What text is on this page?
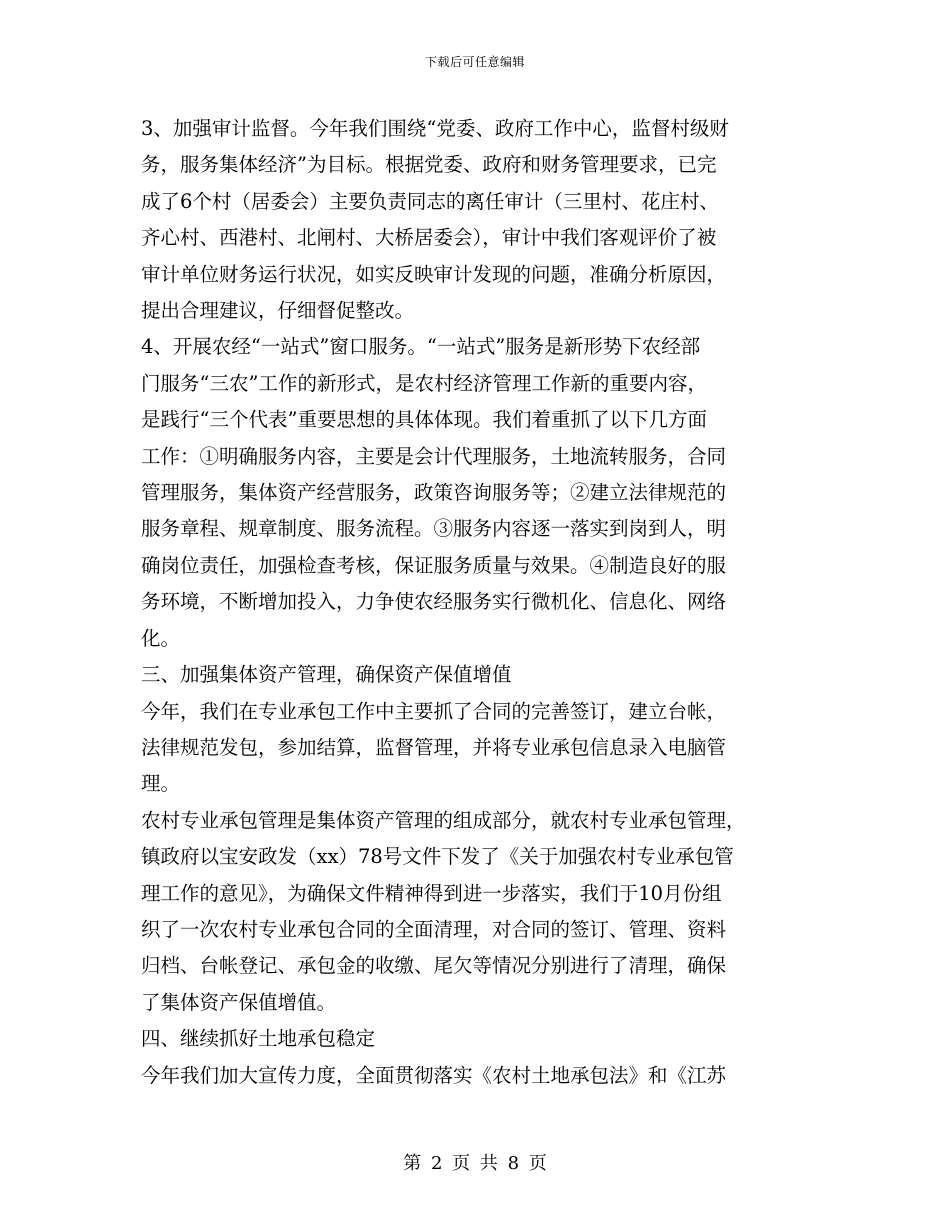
下载后可任意编辑

3、加强审计监督。今年我们围绕“党委、政府工作中心，监督村级财
务，服务集体经济”为目标。根据党委、政府和财务管理要求，已完
成了6个村（居委会）主要负责同志的离任审计（三里村、花庄村、
齐心村、西港村、北闸村、大桥居委会），审计中我们客观评价了被
审计单位财务运行状况，如实反映审计发现的问题，准确分析原因，
提出合理建议，仔细督促整改。

4、开展农经“一站式”窗口服务。“一站式”服务是新形势下农经部
门服务“三农”工作的新形式，是农村经济管理工作新的重要内容，
是践行“三个代表”重要思想的具体体现。我们着重抓了以下几方面
工作：①明确服务内容，主要是会计代理服务，土地流转服务，合同
管理服务，集体资产经营服务，政策咨询服务等；②建立法律规范的
服务章程、规章制度、服务流程。③服务内容逐一落实到岗到人，明
确岗位责任，加强检查考核，保证服务质量与效果。④制造良好的服
务环境，不断增加投入，力争使农经服务实行微机化、信息化、网络
化。

三、加强集体资产管理，确保资产保值增值

今年，我们在专业承包工作中主要抓了合同的完善签订，建立台帐，
法律规范发包，参加结算，监督管理，并将专业承包信息录入电脑管
理。

农村专业承包管理是集体资产管理的组成部分，就农村专业承包管理，
镇政府以宝安政发（xx）78号文件下发了《关于加强农村专业承包管
理工作的意见》，为确保文件精神得到进一步落实，我们于10月份组
织了一次农村专业承包合同的全面清理，对合同的签订、管理、资料
归档、台帐登记、承包金的收缴、尾欠等情况分别进行了清理，确保
了集体资产保值增值。

四、继续抓好土地承包稳定

今年我们加大宣传力度，全面贯彻落实《农村土地承包法》和《江苏

第 2 页 共 8 页
